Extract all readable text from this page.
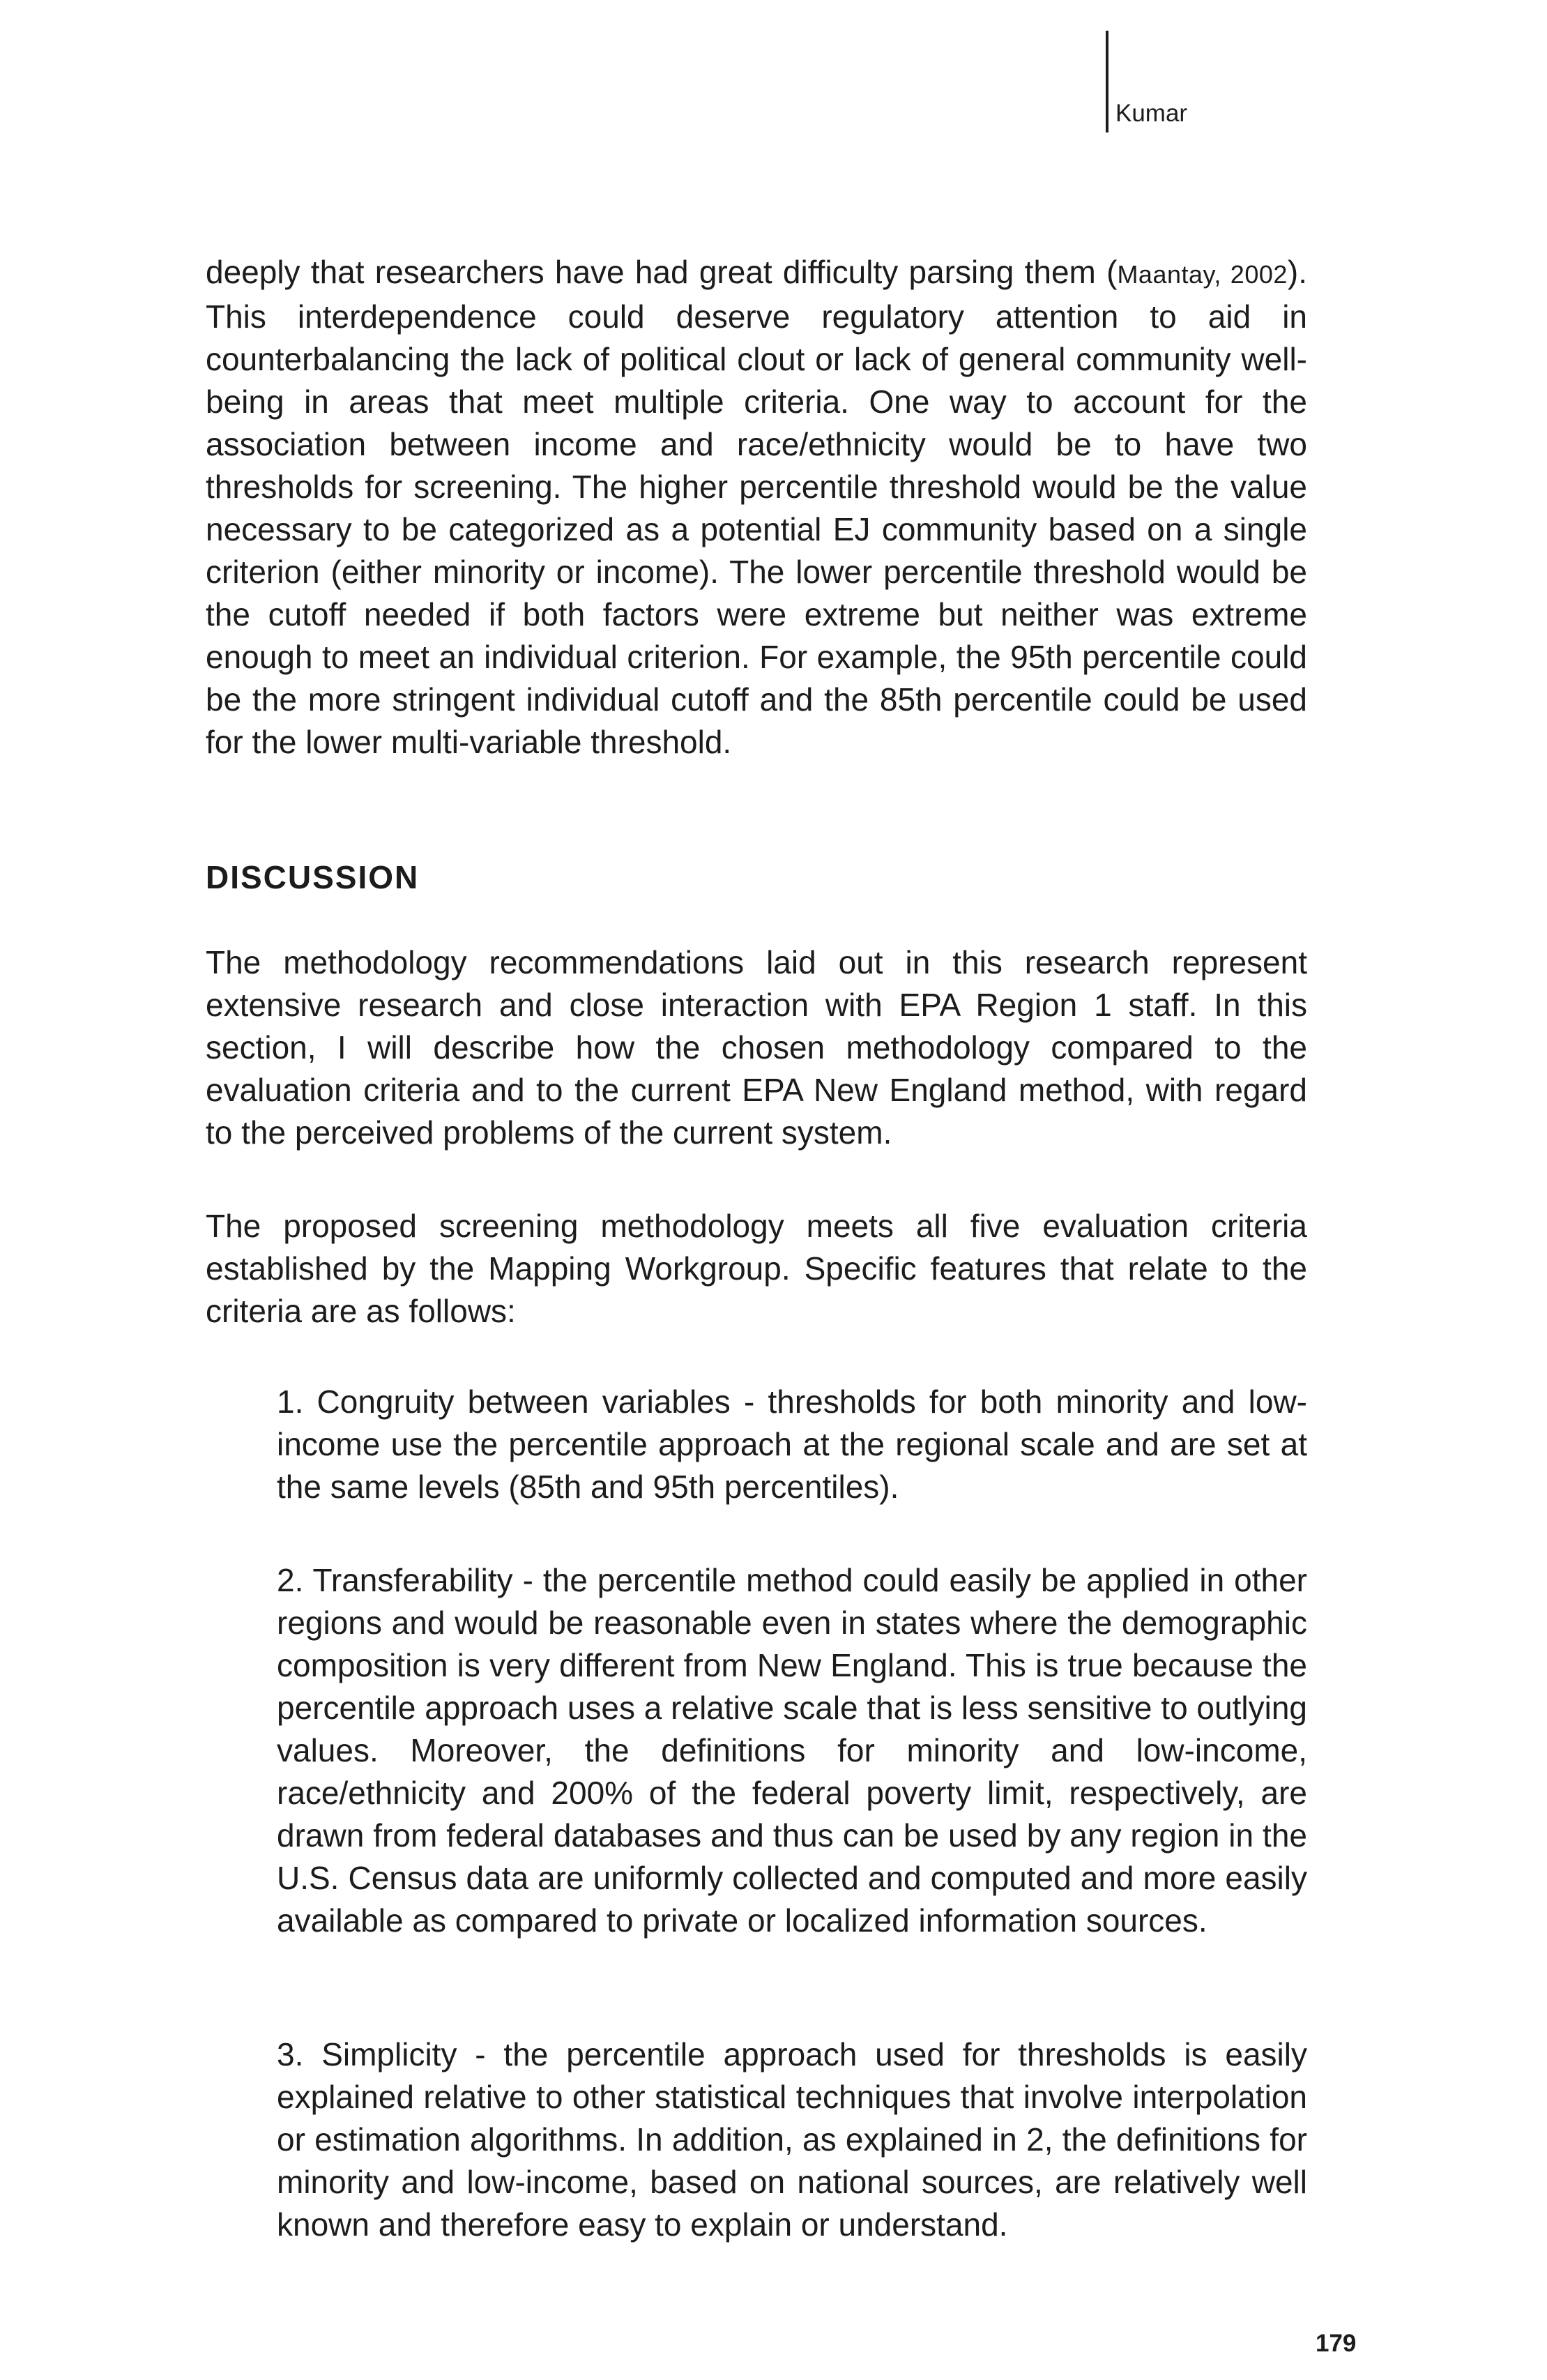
Kumar

deeply that researchers have had great difficulty parsing them (Maantay, 2002). This interdependence could deserve regulatory attention to aid in counterbalancing the lack of political clout or lack of general community well-being in areas that meet multiple criteria. One way to account for the association between income and race/ethnicity would be to have two thresholds for screening. The higher percentile threshold would be the value necessary to be categorized as a potential EJ community based on a single criterion (either minority or income). The lower percentile threshold would be the cutoff needed if both factors were extreme but neither was extreme enough to meet an individual criterion. For example, the 95th percentile could be the more stringent individual cutoff and the 85th percentile could be used for the lower multi-variable threshold.

DISCUSSION

The methodology recommendations laid out in this research represent extensive research and close interaction with EPA Region 1 staff. In this section, I will describe how the chosen methodology compared to the evaluation criteria and to the current EPA New England method, with regard to the perceived problems of the current system.

The proposed screening methodology meets all five evaluation criteria established by the Mapping Workgroup. Specific features that relate to the criteria are as follows:

1. Congruity between variables - thresholds for both minority and low-income use the percentile approach at the regional scale and are set at the same levels (85th and 95th percentiles).

2. Transferability - the percentile method could easily be applied in other regions and would be reasonable even in states where the demographic composition is very different from New England. This is true because the percentile approach uses a relative scale that is less sensitive to outlying values. Moreover, the definitions for minority and low-income, race/ethnicity and 200% of the federal poverty limit, respectively, are drawn from federal databases and thus can be used by any region in the U.S. Census data are uniformly collected and computed and more easily available as compared to private or localized information sources.

3. Simplicity - the percentile approach used for thresholds is easily explained relative to other statistical techniques that involve interpolation or estimation algorithms. In addition, as explained in 2, the definitions for minority and low-income, based on national sources, are relatively well known and therefore easy to explain or understand.

179
